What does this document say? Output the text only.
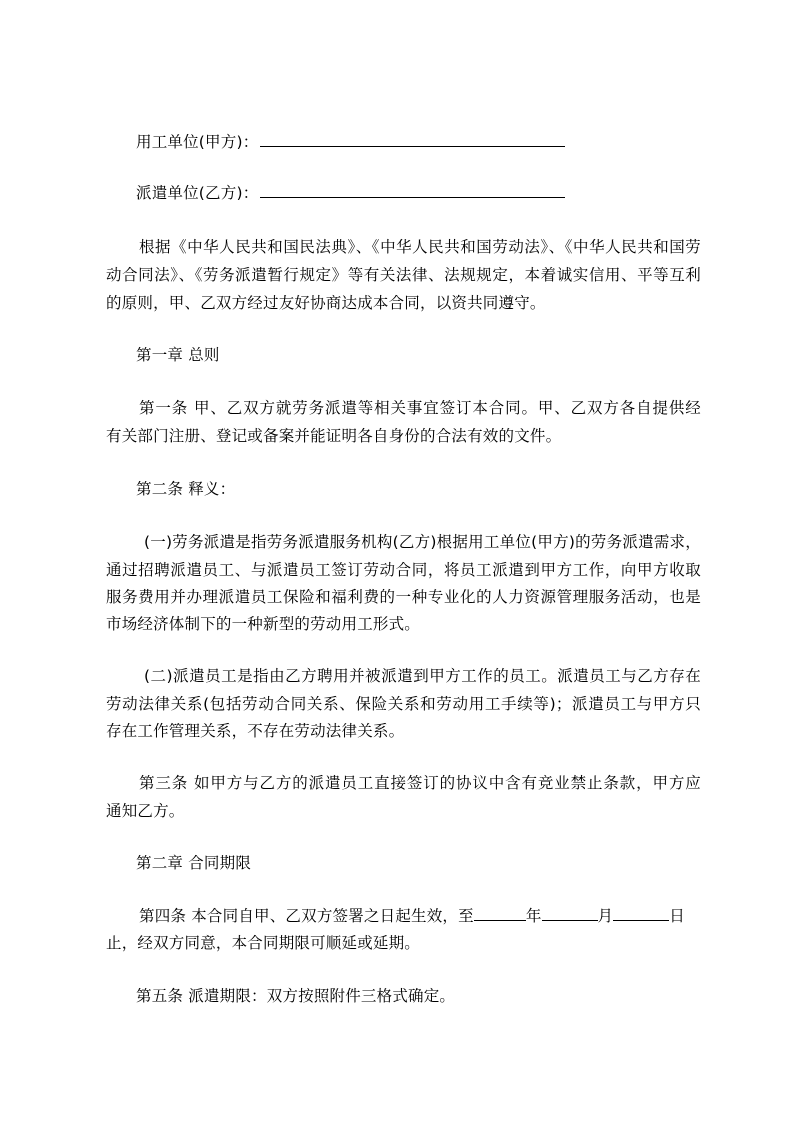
用工单位(甲方)：
派遣单位(乙方)：
根据《中华人民共和国民法典》、《中华人民共和国劳动法》、《中华人民共和国劳
动合同法》、《劳务派遣暂行规定》等有关法律、法规规定，本着诚实信用、平等互利
的原则，甲、乙双方经过友好协商达成本合同，以资共同遵守。
第一章 总则
第一条 甲、乙双方就劳务派遣等相关事宜签订本合同。甲、乙双方各自提供经
有关部门注册、登记或备案并能证明各自身份的合法有效的文件。
第二条 释义：
(一)劳务派遣是指劳务派遣服务机构(乙方)根据用工单位(甲方)的劳务派遣需求，
通过招聘派遣员工、与派遣员工签订劳动合同，将员工派遣到甲方工作，向甲方收取
服务费用并办理派遣员工保险和福利费的一种专业化的人力资源管理服务活动，也是
市场经济体制下的一种新型的劳动用工形式。
(二)派遣员工是指由乙方聘用并被派遣到甲方工作的员工。派遣员工与乙方存在
劳动法律关系(包括劳动合同关系、保险关系和劳动用工手续等)；派遣员工与甲方只
存在工作管理关系，不存在劳动法律关系。
第三条 如甲方与乙方的派遣员工直接签订的协议中含有竞业禁止条款，甲方应
通知乙方。
第二章 合同期限
第四条 本合同自甲、乙双方签署之日起生效，至	年	月	日
止，经双方同意，本合同期限可顺延或延期。
第五条 派遣期限：双方按照附件三格式确定。
